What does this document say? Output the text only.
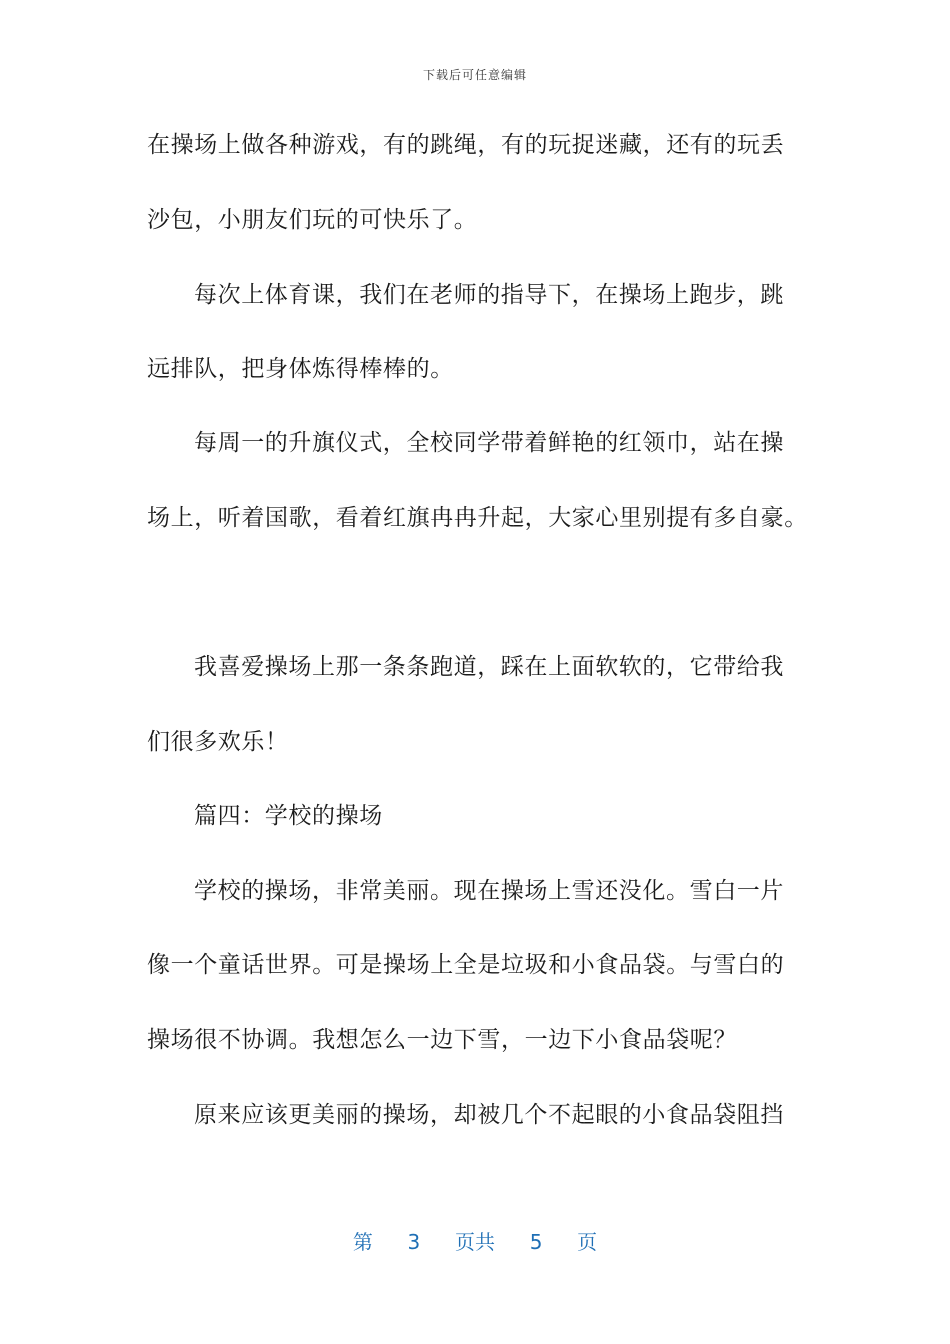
下载后可任意编辑
在操场上做各种游戏，有的跳绳，有的玩捉迷藏，还有的玩丢
沙包，小朋友们玩的可快乐了。
每次上体育课，我们在老师的指导下，在操场上跑步，跳
远排队，把身体炼得棒棒的。
每周一的升旗仪式，全校同学带着鲜艳的红领巾，站在操
场上，听着国歌，看着红旗冉冉升起，大家心里别提有多自豪。
我喜爱操场上那一条条跑道，踩在上面软软的，它带给我
们很多欢乐！
篇四：学校的操场
学校的操场，非常美丽。现在操场上雪还没化。雪白一片
像一个童话世界。可是操场上全是垃圾和小食品袋。与雪白的
操场很不协调。我想怎么一边下雪，一边下小食品袋呢？
原来应该更美丽的操场，却被几个不起眼的小食品袋阻挡
第 3 页共 5 页
